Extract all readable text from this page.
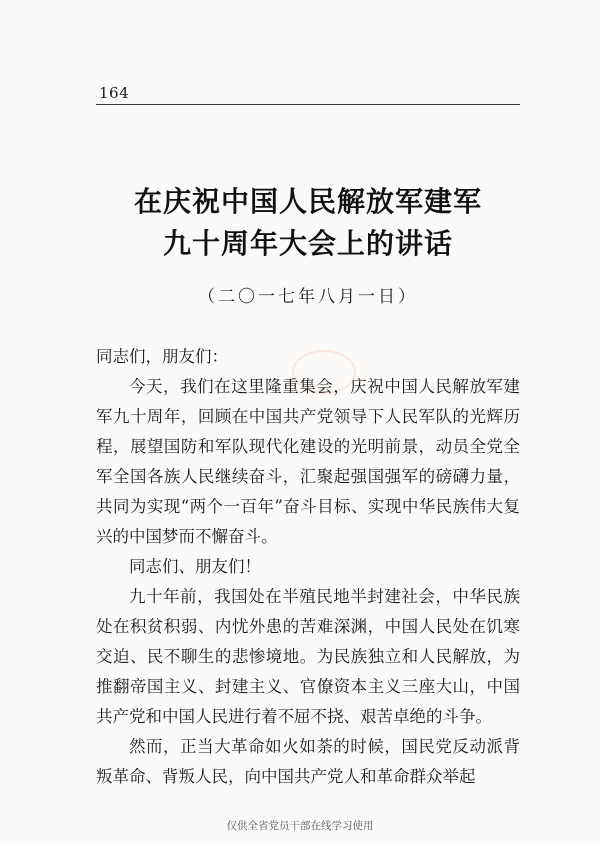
164
在庆祝中国人民解放军建军
九十周年大会上的讲话
（二〇一七年八月一日）

同志们，朋友们：

今天，我们在这里隆重集会，庆祝中国人民解放军建军九十周年，回顾在中国共产党领导下人民军队的光辉历程，展望国防和军队现代化建设的光明前景，动员全党全军全国各族人民继续奋斗，汇聚起强国强军的磅礴力量，共同为实现“两个一百年”奋斗目标、实现中华民族伟大复兴的中国梦而不懈奋斗。

同志们、朋友们！

九十年前，我国处在半殖民地半封建社会，中华民族处在积贫积弱、内忧外患的苦难深渊，中国人民处在饥寒交迫、民不聊生的悲惨境地。为民族独立和人民解放，为推翻帝国主义、封建主义、官僚资本主义三座大山，中国共产党和中国人民进行着不屈不挠、艰苦卓绝的斗争。

然而，正当大革命如火如荼的时候，国民党反动派背叛革命、背叛人民，向中国共产党人和革命群众举起

仅供全省党员干部在线学习使用
